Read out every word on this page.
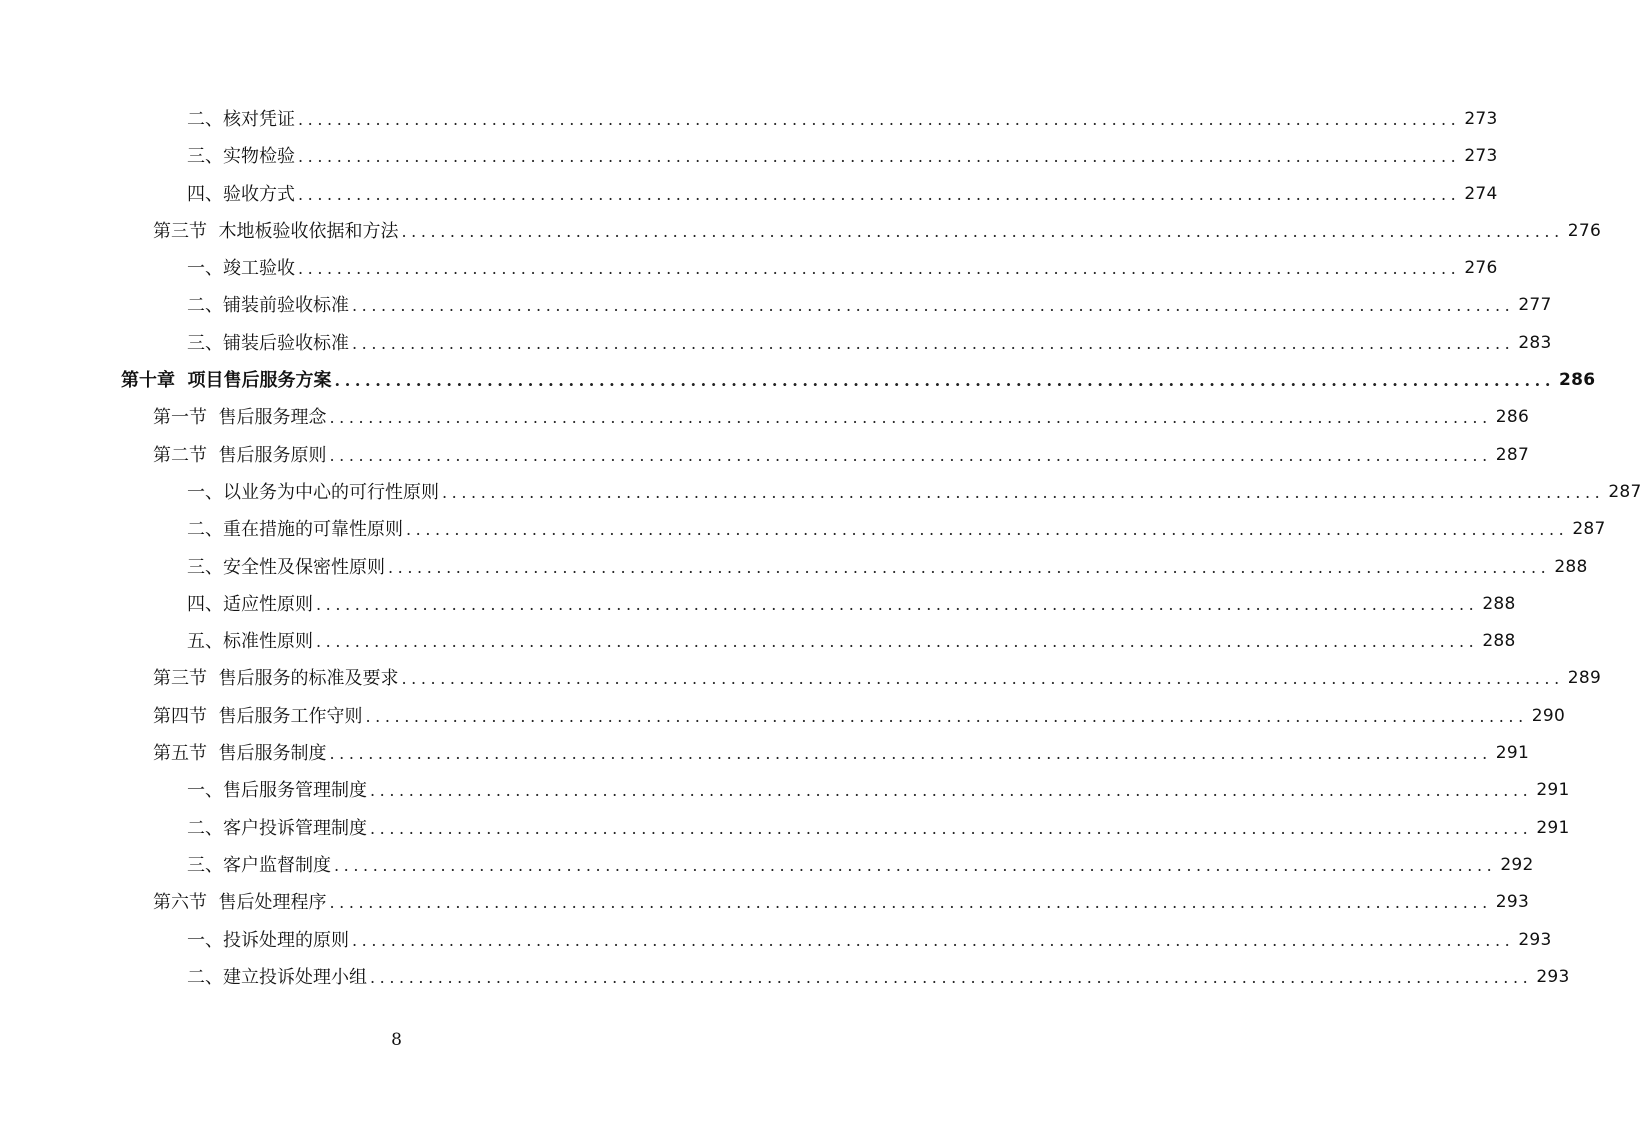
二、核对凭证 ........................................................................................................................ 273
三、实物检验 ........................................................................................................................ 273
四、验收方式 ........................................................................................................................ 274
第三节  木地板验收依据和方法 ........................................................................................................................ 276
一、竣工验收 ........................................................................................................................ 276
二、铺装前验收标准 ........................................................................................................................ 277
三、铺装后验收标准 ........................................................................................................................ 283
第十章  项目售后服务方案 ........................................................................................................................ 286
第一节  售后服务理念 ........................................................................................................................ 286
第二节  售后服务原则 ........................................................................................................................ 287
一、以业务为中心的可行性原则 ........................................................................................................................ 287
二、重在措施的可靠性原则 ........................................................................................................................ 287
三、安全性及保密性原则 ........................................................................................................................ 288
四、适应性原则 ........................................................................................................................ 288
五、标准性原则 ........................................................................................................................ 288
第三节  售后服务的标准及要求 ........................................................................................................................ 289
第四节  售后服务工作守则 ........................................................................................................................ 290
第五节  售后服务制度 ........................................................................................................................ 291
一、售后服务管理制度 ........................................................................................................................ 291
二、客户投诉管理制度 ........................................................................................................................ 291
三、客户监督制度 ........................................................................................................................ 292
第六节  售后处理程序 ........................................................................................................................ 293
一、投诉处理的原则 ........................................................................................................................ 293
二、建立投诉处理小组 ........................................................................................................................ 293
8
